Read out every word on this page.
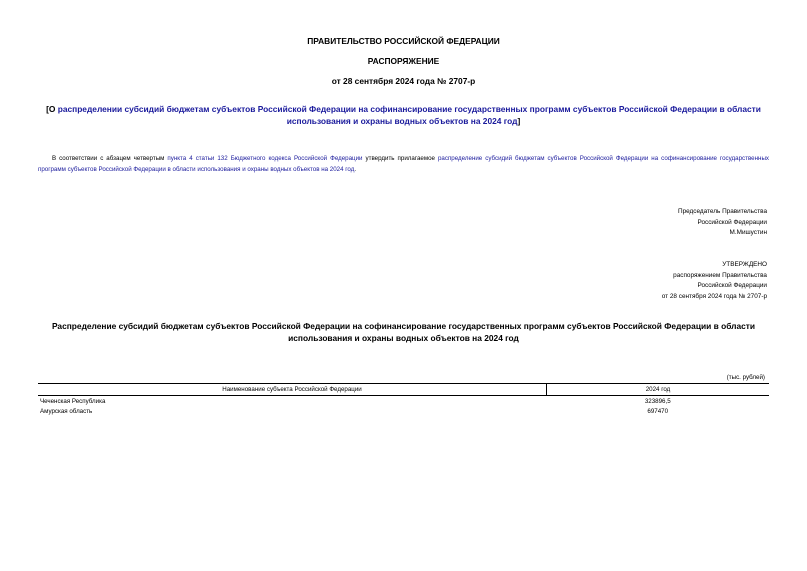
ПРАВИТЕЛЬСТВО РОССИЙСКОЙ ФЕДЕРАЦИИ
РАСПОРЯЖЕНИЕ
от 28 сентября 2024 года № 2707-р
[О распределении субсидий бюджетам субъектов Российской Федерации на софинансирование государственных программ субъектов Российской Федерации в области использования и охраны водных объектов на 2024 год]
В соответствии с абзацем четвертым пункта 4 статьи 132 Бюджетного кодекса Российской Федерации утвердить прилагаемое распределение субсидий бюджетам субъектов Российской Федерации на софинансирование государственных программ субъектов Российской Федерации в области использования и охраны водных объектов на 2024 год.
Председатель Правительства
Российской Федерации
М.Мишустин
УТВЕРЖДЕНО
распоряжением Правительства
Российской Федерации
от 28 сентября 2024 года № 2707-р
Распределение субсидий бюджетам субъектов Российской Федерации на софинансирование государственных программ субъектов Российской Федерации в области использования и охраны водных объектов на 2024 год
(тыс. рублей)
Наименование субъекта Российской Федерации	2024 год
Чеченская Республика	323896,5
Амурская область	697470
